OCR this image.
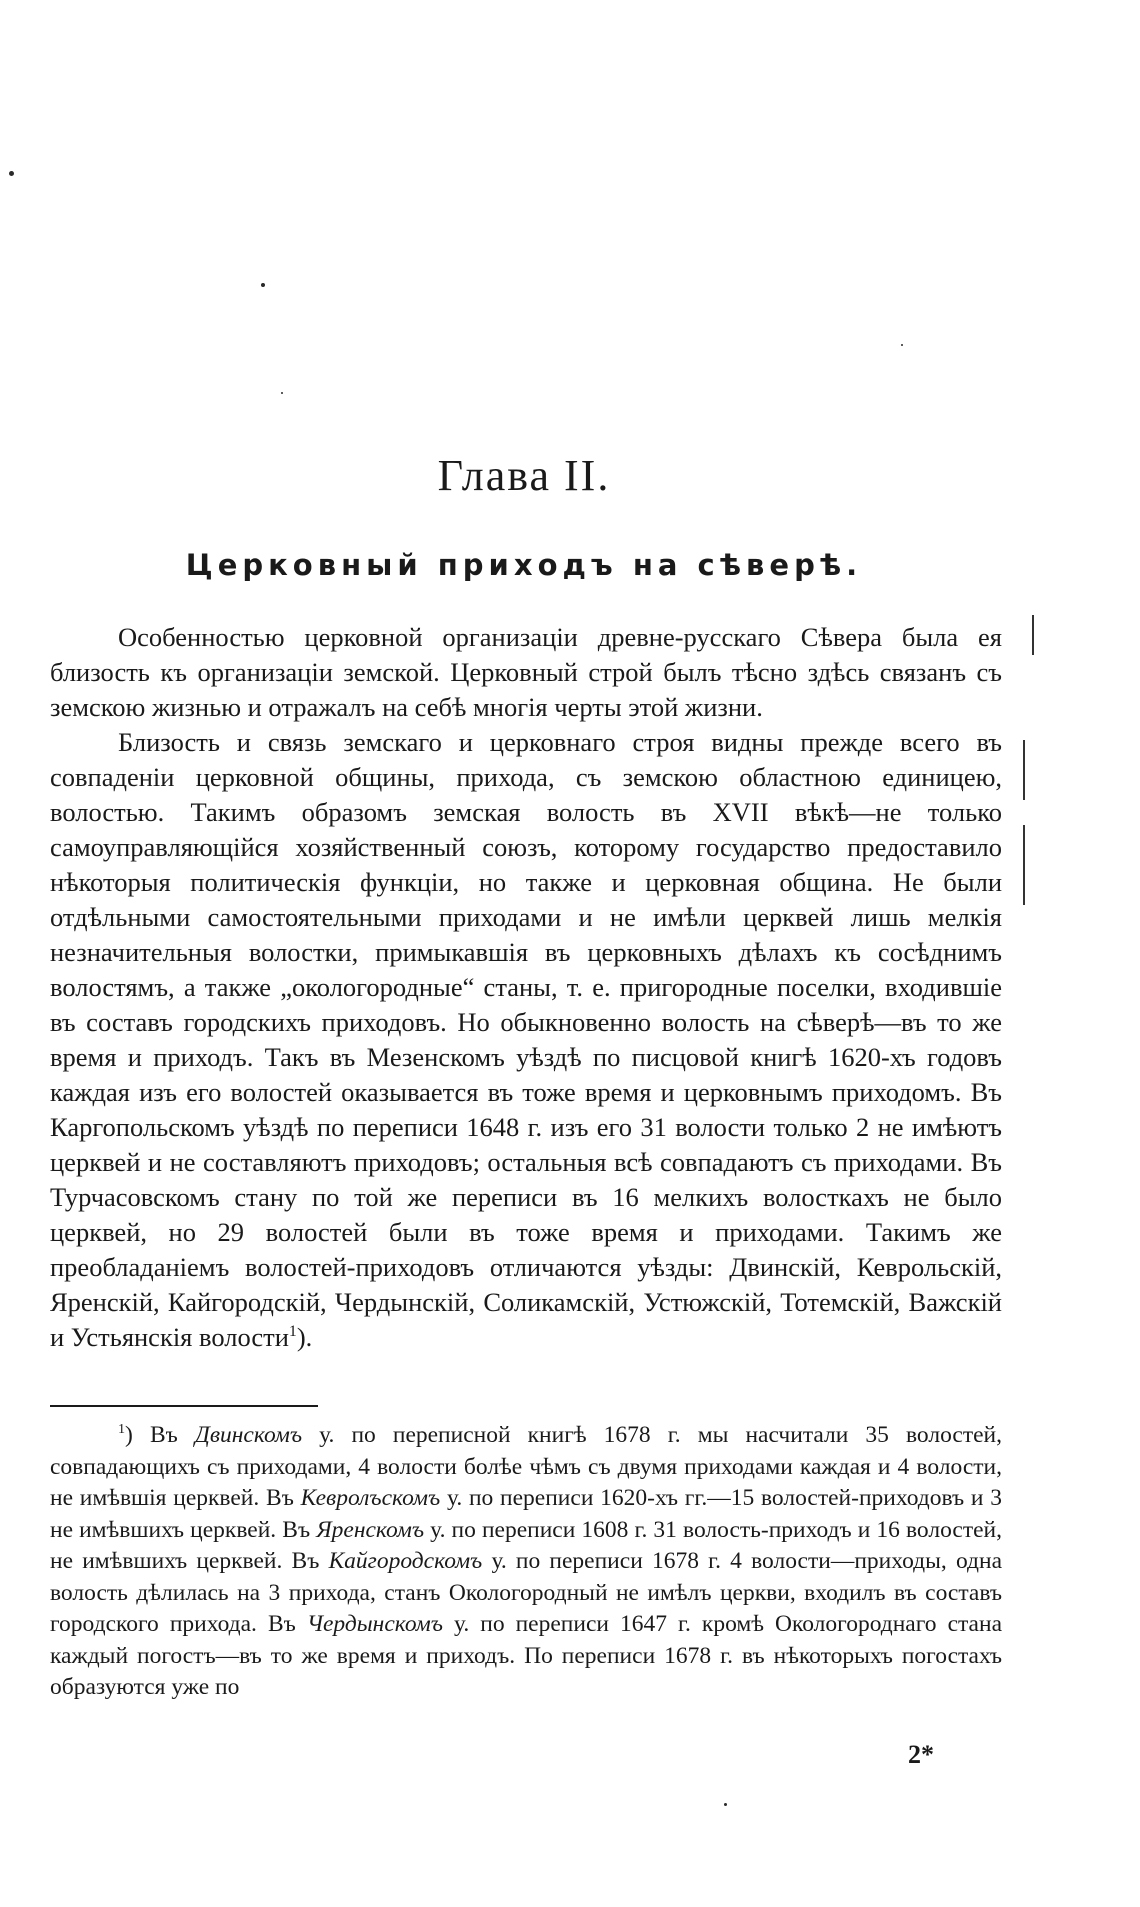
Глава II.
Церковный приходъ на сѣверѣ.

Особенностью церковной организацiи древне-русскаго Сѣвера была ея близость къ организацiи земской. Церковный строй былъ тѣсно здѣсь связанъ съ земскою жизнью и отражалъ на себѣ многiя черты этой жизни.

Близость и связь земскаго и церковнаго строя видны прежде всего въ совпаденiи церковной общины, прихода, съ земскою областною единицею, волостью. Такимъ образомъ земская волость въ XVII вѣкѣ—не только самоуправляющiйся хозяйственный союзъ, которому государство предоставило нѣкоторыя политическiя функцiи, но также и церковная община. Не были отдѣльными самостоятельными приходами и не имѣли церквей лишь мелкiя незначительныя волостки, примыкавшiя въ церковныхъ дѣлахъ къ сосѣднимъ волостямъ, а также „окологородные“ станы, т. е. пригородные поселки, входившiе въ составъ городскихъ приходовъ. Но обыкновенно волость на сѣверѣ—въ то же время и приходъ. Такъ въ Мезенскомъ уѣздѣ по писцовой книгѣ 1620-хъ годовъ каждая изъ его волостей оказывается въ тоже время и церковнымъ приходомъ. Въ Каргопольскомъ уѣздѣ по переписи 1648 г. изъ его 31 волости только 2 не имѣютъ церквей и не составляютъ приходовъ; остальныя всѣ совпадаютъ съ приходами. Въ Турчасовскомъ стану по той же переписи въ 16 мелкихъ волосткахъ не было церквей, но 29 волостей были въ тоже время и приходами. Такимъ же преобладанiемъ волостей-приходовъ отличаются уѣзды: Двинскiй, Кеврольскiй, Яренскiй, Кайгородскiй, Чердынскiй, Соликамскiй, Устюжскiй, Тотемскiй, Важскiй и Устьянскiя волости$^1$).

$^1$) Въ Двинскомъ у. по переписной книгѣ 1678 г. мы насчитали 35 волостей, совпадающихъ съ приходами, 4 волости болѣе чѣмъ съ двумя приходами каждая и 4 волости, не имѣвшiя церквей. Въ Кевролъскомъ у. по переписи 1620-хъ гг.—15 волостей-приходовъ и 3 не имѣвшихъ церквей. Въ Яренскомъ у. по переписи 1608 г. 31 волость-приходъ и 16 волостей, не имѣвшихъ церквей. Въ Кайгородскомъ у. по переписи 1678 г. 4 волости—приходы, одна волость дѣлилась на 3 прихода, станъ Окологородный не имѣлъ церкви, входилъ въ составъ городского прихода. Въ Чердынскомъ у. по переписи 1647 г. кромѣ Окологороднаго стана каждый погостъ—въ то же время и приходъ. По переписи 1678 г. въ нѣкоторыхъ погостахъ образуются уже по

2*
